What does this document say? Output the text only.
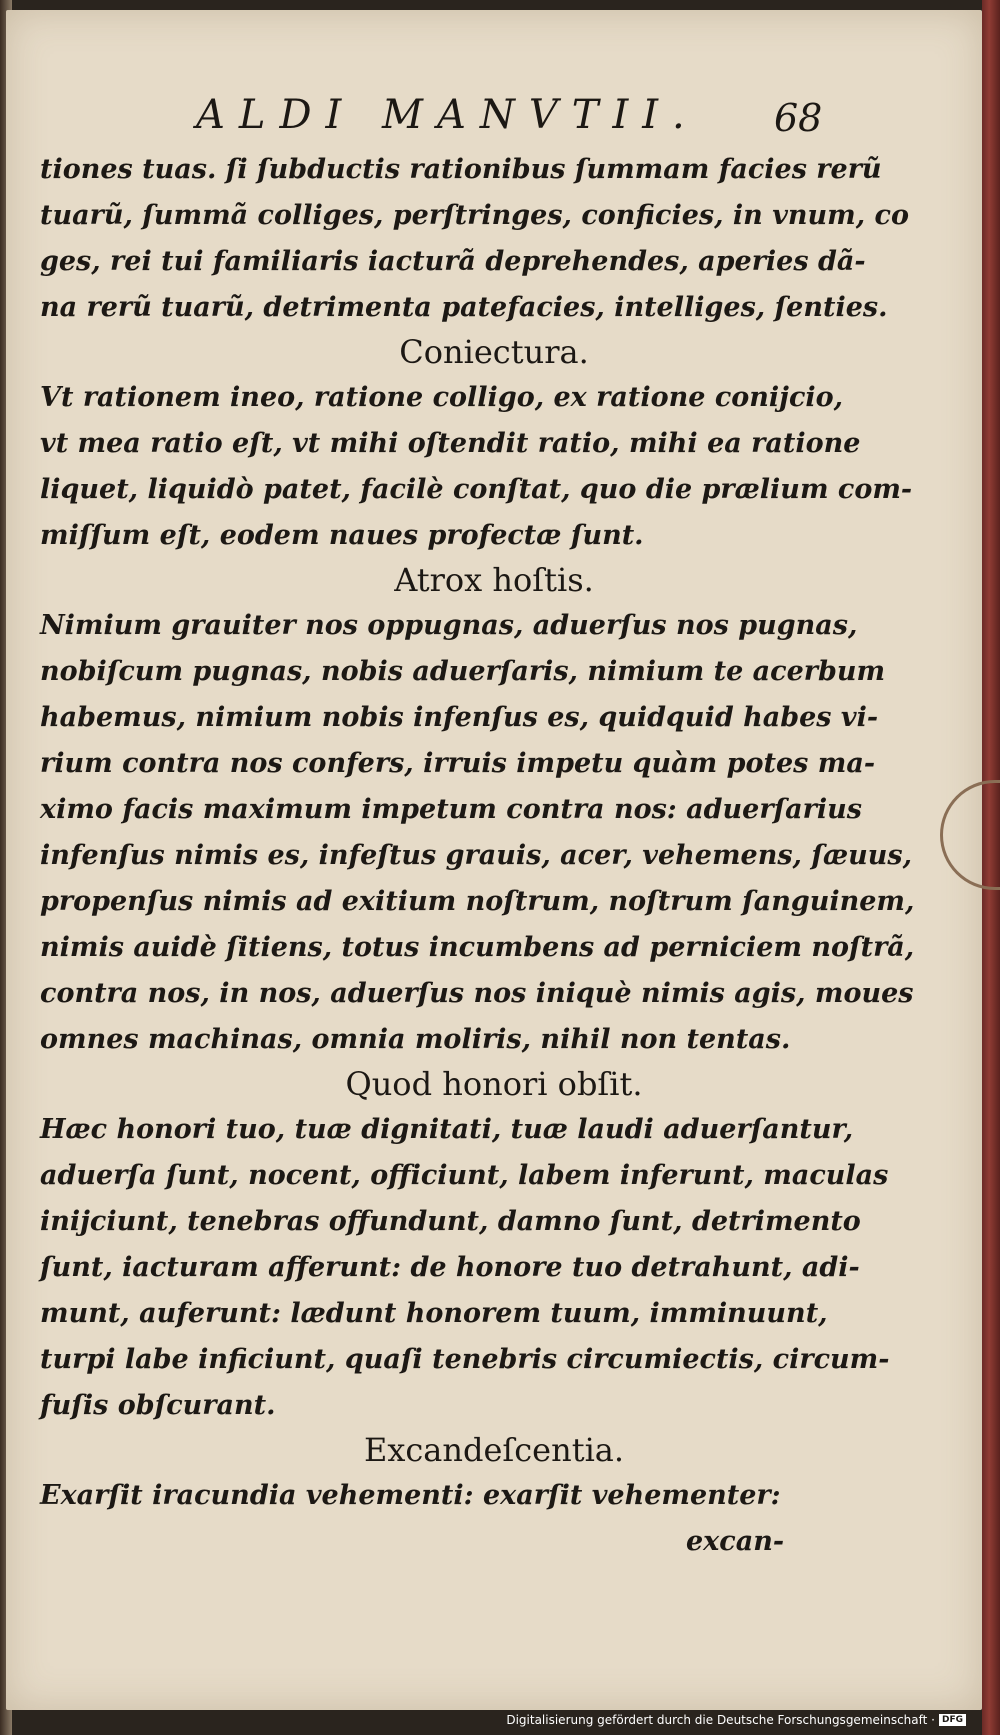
ALDI MANVTII.	68
tiones tuas. ſi ſubductis rationibus ſummam facies rerũ
tuarũ, ſummã colliges, perſtringes, conficies, in vnum, co
ges, rei tui familiaris iacturã deprehendes, aperies dã-
na rerũ tuarũ, detrimenta patefacies, intelliges, ſenties.
Coniectura.
Vt rationem ineo, ratione colligo, ex ratione conijcio,
vt mea ratio eſt, vt mihi oſtendit ratio, mihi ea ratione
liquet, liquidò patet, facilè conſtat, quo die prælium com-
miſſum eſt, eodem naues profectæ ſunt.
Atrox hoſtis.
Nimium grauiter nos oppugnas, aduerſus nos pugnas,
nobiſcum pugnas, nobis aduerſaris, nimium te acerbum
habemus, nimium nobis infenſus es, quidquid habes vi-
rium contra nos confers, irruis impetu quàm potes ma-
ximo facis maximum impetum contra nos: aduerſarius
infenſus nimis es, infeſtus grauis, acer, vehemens, ſæuus,
propenſus nimis ad exitium noſtrum, noſtrum ſanguinem,
nimis auidè ſitiens, totus incumbens ad perniciem noſtrã,
contra nos, in nos, aduerſus nos iniquè nimis agis, moues
omnes machinas, omnia moliris, nihil non tentas.
Quod honori obſit.
Hæc honori tuo, tuæ dignitati, tuæ laudi aduerſantur,
aduerſa ſunt, nocent, officiunt, labem inferunt, maculas
inijciunt, tenebras offundunt, damno ſunt, detrimento
ſunt, iacturam afferunt: de honore tuo detrahunt, adi-
munt, auferunt: lædunt honorem tuum, imminuunt,
turpi labe inficiunt, quaſi tenebris circumiectis, circum-
fuſis obſcurant.
Excandeſcentia.
Exarſit iracundia vehementi: exarſit vehementer:
excan-
Digitalisierung gefördert durch die Deutsche Forschungsgemeinschaft · DFG
